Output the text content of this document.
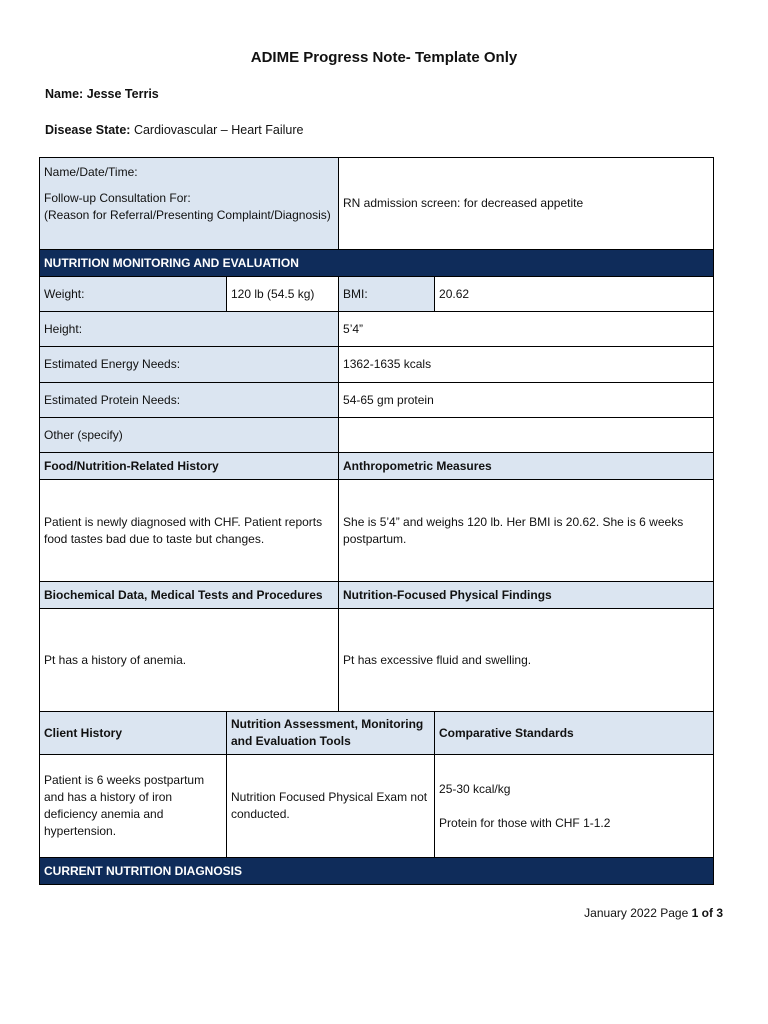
ADIME Progress Note- Template Only
Name: Jesse Terris
Disease State: Cardiovascular – Heart Failure
Name/Date/Time:
Follow-up Consultation For:
(Reason for Referral/Presenting Complaint/Diagnosis)		RN admission screen: for decreased appetite	
NUTRITION MONITORING AND EVALUATION			
Weight:	120 lb (54.5 kg)	BMI:	20.62
Height:		5’4”	
Estimated Energy Needs:		1362-1635 kcals	
Estimated Protein Needs:		54-65 gm protein	
Other (specify)			
Food/Nutrition-Related History		Anthropometric Measures	
Patient is newly diagnosed with CHF. Patient reports food tastes bad due to taste but changes.		She is 5’4” and weighs 120 lb. Her BMI is 20.62. She is 6 weeks postpartum.	
Biochemical Data, Medical Tests and Procedures		Nutrition-Focused Physical Findings	
Pt has a history of anemia.		Pt has excessive fluid and swelling.	
Client History	Nutrition Assessment, Monitoring and Evaluation Tools		Comparative Standards
Patient is 6 weeks postpartum and has a history of iron deficiency anemia and hypertension.	Nutrition Focused Physical Exam not conducted.		25-30 kcal/kg
Protein for those with CHF 1-1.2

CURRENT NUTRITION DIAGNOSIS			
January 2022 Page 1 of 3
